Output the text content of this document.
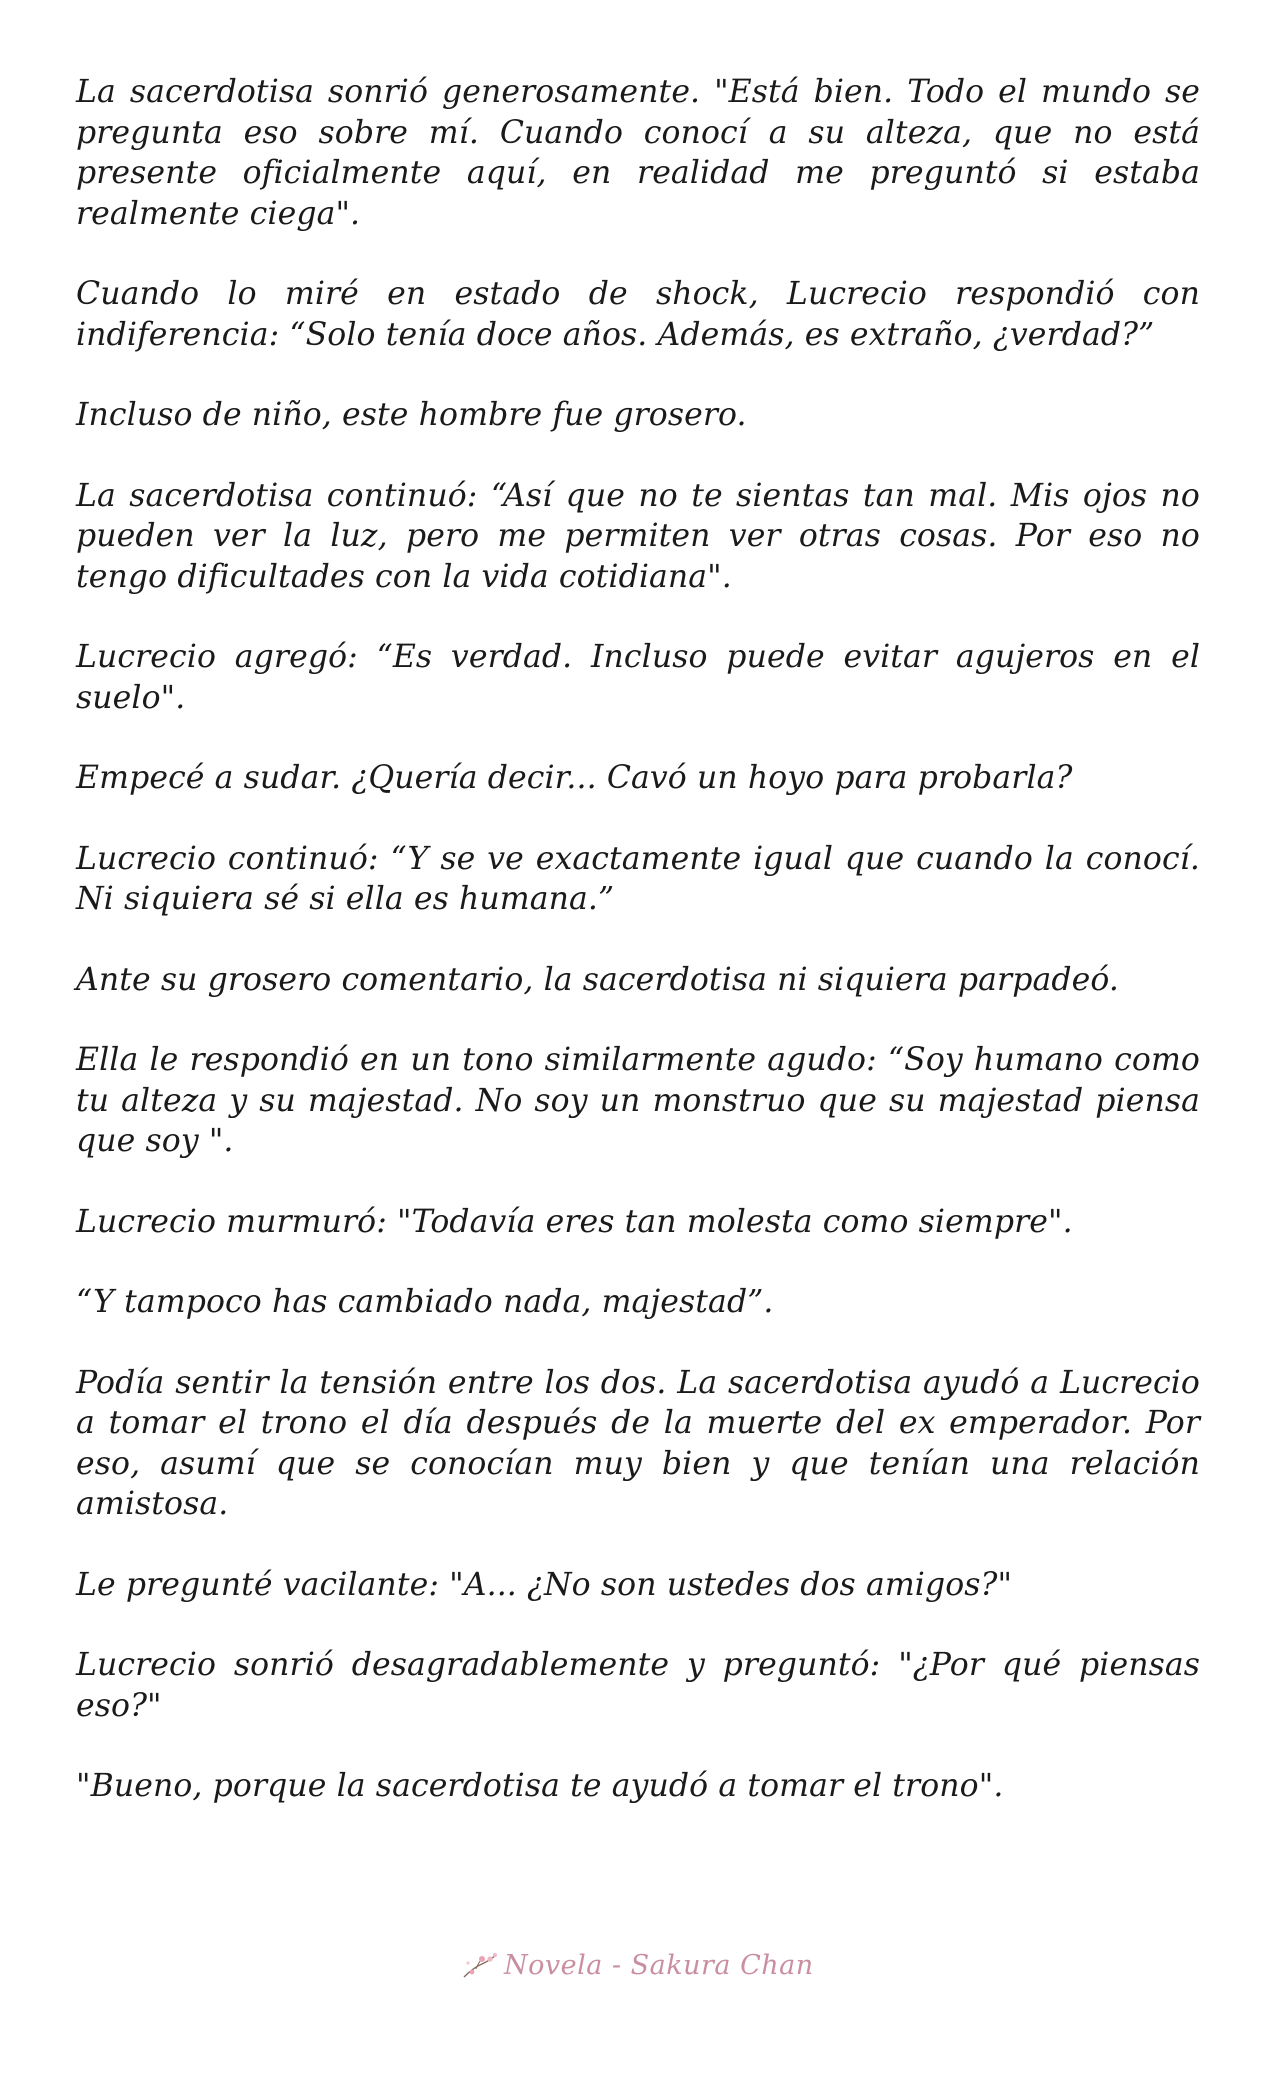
La sacerdotisa sonrió generosamente. "Está bien. Todo el mundo se pregunta eso sobre mí. Cuando conocí a su alteza, que no está presente oficialmente aquí, en realidad me preguntó si estaba realmente ciega".

Cuando lo miré en estado de shock, Lucrecio respondió con indiferencia: “Solo tenía doce años. Además, es extraño, ¿verdad?”

Incluso de niño, este hombre fue grosero.

La sacerdotisa continuó: “Así que no te sientas tan mal. Mis ojos no pueden ver la luz, pero me permiten ver otras cosas. Por eso no tengo dificultades con la vida cotidiana".

Lucrecio agregó: “Es verdad. Incluso puede evitar agujeros en el suelo".

Empecé a sudar. ¿Quería decir... Cavó un hoyo para probarla?

Lucrecio continuó: “Y se ve exactamente igual que cuando la conocí. Ni siquiera sé si ella es humana.”

Ante su grosero comentario, la sacerdotisa ni siquiera parpadeó.

Ella le respondió en un tono similarmente agudo: “Soy humano como tu alteza y su majestad. No soy un monstruo que su majestad piensa que soy ".

Lucrecio murmuró: "Todavía eres tan molesta como siempre".

“Y tampoco has cambiado nada, majestad”.

Podía sentir la tensión entre los dos. La sacerdotisa ayudó a Lucrecio a tomar el trono el día después de la muerte del ex emperador. Por eso, asumí que se conocían muy bien y que tenían una relación amistosa.

Le pregunté vacilante: "A... ¿No son ustedes dos amigos?"

Lucrecio sonrió desagradablemente y preguntó: "¿Por qué piensas eso?"

"Bueno, porque la sacerdotisa te ayudó a tomar el trono".

Novela - Sakura Chan
